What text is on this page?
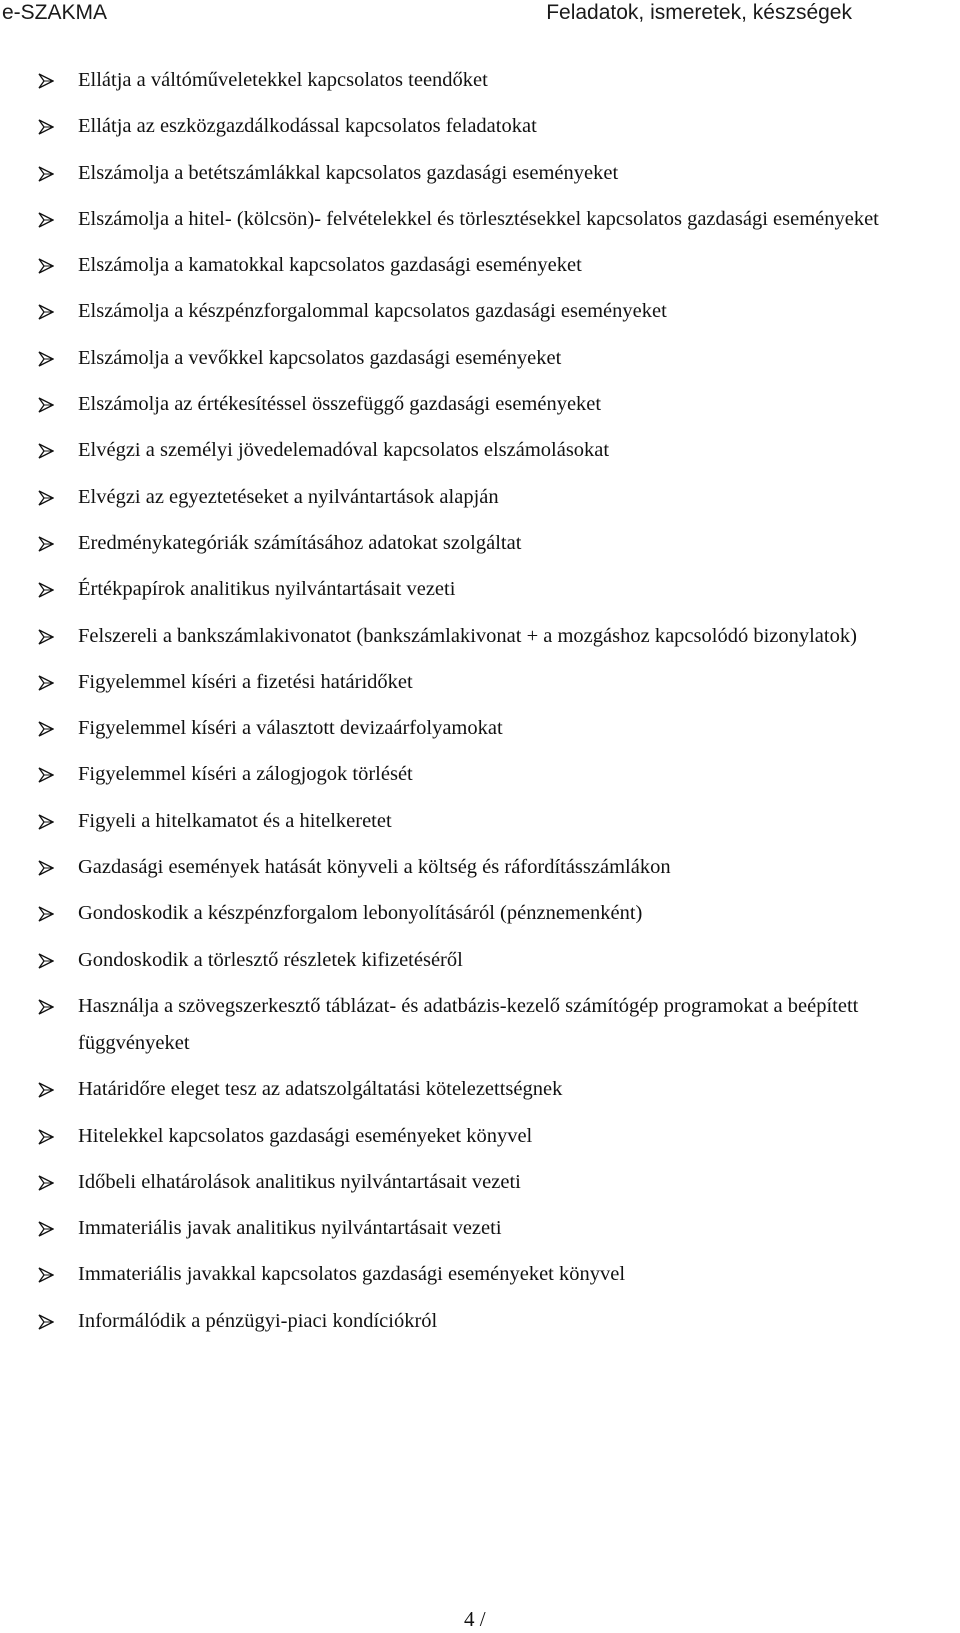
e-SZAKMA	Feladatok, ismeretek, készségek
Ellátja a váltóműveletekkel kapcsolatos teendőket
Ellátja az eszközgazdálkodással kapcsolatos feladatokat
Elszámolja a betétszámlákkal kapcsolatos gazdasági eseményeket
Elszámolja a hitel- (kölcsön)- felvételekkel és törlesztésekkel kapcsolatos gazdasági eseményeket
Elszámolja a kamatokkal kapcsolatos gazdasági eseményeket
Elszámolja a készpénzforgalommal kapcsolatos gazdasági eseményeket
Elszámolja a vevőkkel kapcsolatos gazdasági eseményeket
Elszámolja az értékesítéssel összefüggő gazdasági eseményeket
Elvégzi a személyi jövedelemadóval kapcsolatos elszámolásokat
Elvégzi az egyeztetéseket a nyilvántartások alapján
Eredménykategóriák számításához adatokat szolgáltat
Értékpapírok analitikus nyilvántartásait vezeti
Felszereli a bankszámlakivonatot (bankszámlakivonat + a mozgáshoz kapcsolódó bizonylatok)
Figyelemmel kíséri a fizetési határidőket
Figyelemmel kíséri a választott devizaárfolyamokat
Figyelemmel kíséri a zálogjogok törlését
Figyeli a hitelkamatot és a hitelkeretet
Gazdasági események hatását könyveli a költség és ráfordításszámlákon
Gondoskodik a készpénzforgalom lebonyolításáról (pénznemenként)
Gondoskodik a törlesztő részletek kifizetéséről
Használja a szövegszerkesztő táblázat- és adatbázis-kezelő számítógép programokat a beépített függvényeket
Határidőre eleget tesz az adatszolgáltatási kötelezettségnek
Hitelekkel kapcsolatos gazdasági eseményeket könyvel
Időbeli elhatárolások analitikus nyilvántartásait vezeti
Immateriális javak analitikus nyilvántartásait vezeti
Immateriális javakkal kapcsolatos gazdasági eseményeket könyvel
Informálódik a pénzügyi-piaci kondíciókról
4 /
